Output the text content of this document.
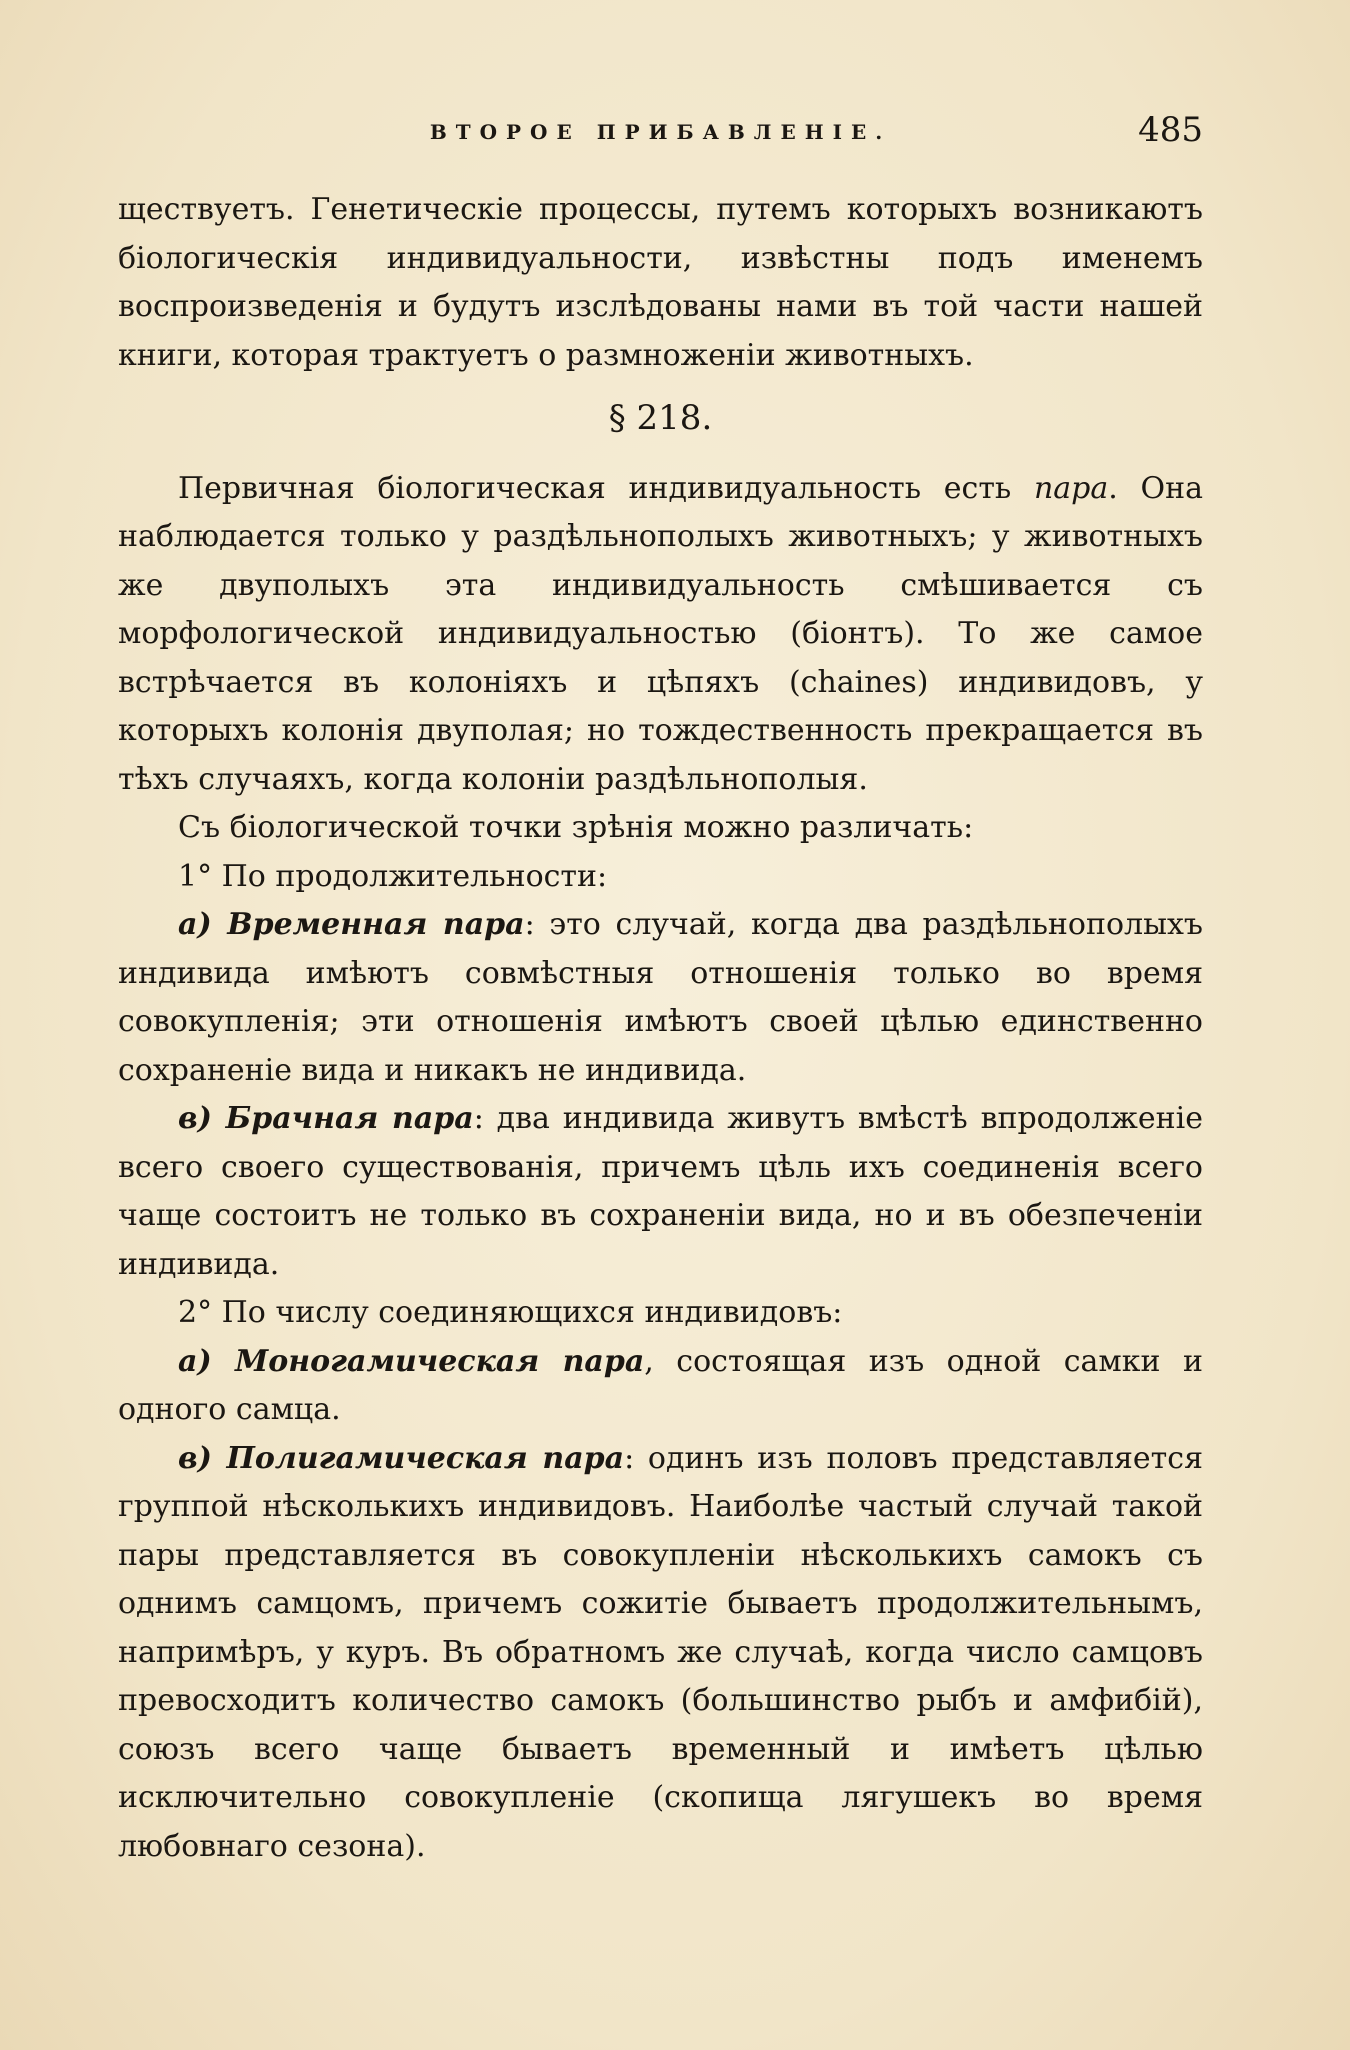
ВТОРОЕ ПРИБАВЛЕНІЕ.	485

ществуетъ. Генетическіе процессы, путемъ которыхъ возникаютъ біологическія индивидуальности, извѣстны подъ именемъ воспроизведенія и будутъ изслѣдованы нами въ той части нашей книги, которая трактуетъ о размноженіи животныхъ.

§ 218.

Первичная біологическая индивидуальность есть пара. Она наблюдается только у раздѣльнополыхъ животныхъ; у животныхъ же двуполыхъ эта индивидуальность смѣшивается съ морфологической индивидуальностью (біонтъ). То же самое встрѣчается въ колоніяхъ и цѣпяхъ (chaines) индивидовъ, у которыхъ колонія двуполая; но тождественность прекращается въ тѣхъ случаяхъ, когда колоніи раздѣльнополыя.

Съ біологической точки зрѣнія можно различать:

1° По продолжительности:

а) Временная пара: это случай, когда два раздѣльнополыхъ индивида имѣютъ совмѣстныя отношенія только во время совокупленія; эти отношенія имѣютъ своей цѣлью единственно сохраненіе вида и никакъ не индивида.

в) Брачная пара: два индивида живутъ вмѣстѣ впродолженіе всего своего существованія, причемъ цѣль ихъ соединенія всего чаще состоитъ не только въ сохраненіи вида, но и въ обезпеченіи индивида.

2° По числу соединяющихся индивидовъ:

а) Моногамическая пара, состоящая изъ одной самки и одного самца.

в) Полигамическая пара: одинъ изъ половъ представляется группой нѣсколькихъ индивидовъ. Наиболѣе частый случай такой пары представляется въ совокупленіи нѣсколькихъ самокъ съ однимъ самцомъ, причемъ сожитіе бываетъ продолжительнымъ, напримѣръ, у куръ. Въ обратномъ же случаѣ, когда число самцовъ превосходитъ количество самокъ (большинство рыбъ и амфибій), союзъ всего чаще бываетъ временный и имѣетъ цѣлью исключительно совокупленіе (скопища лягушекъ во время любовнаго сезона).
